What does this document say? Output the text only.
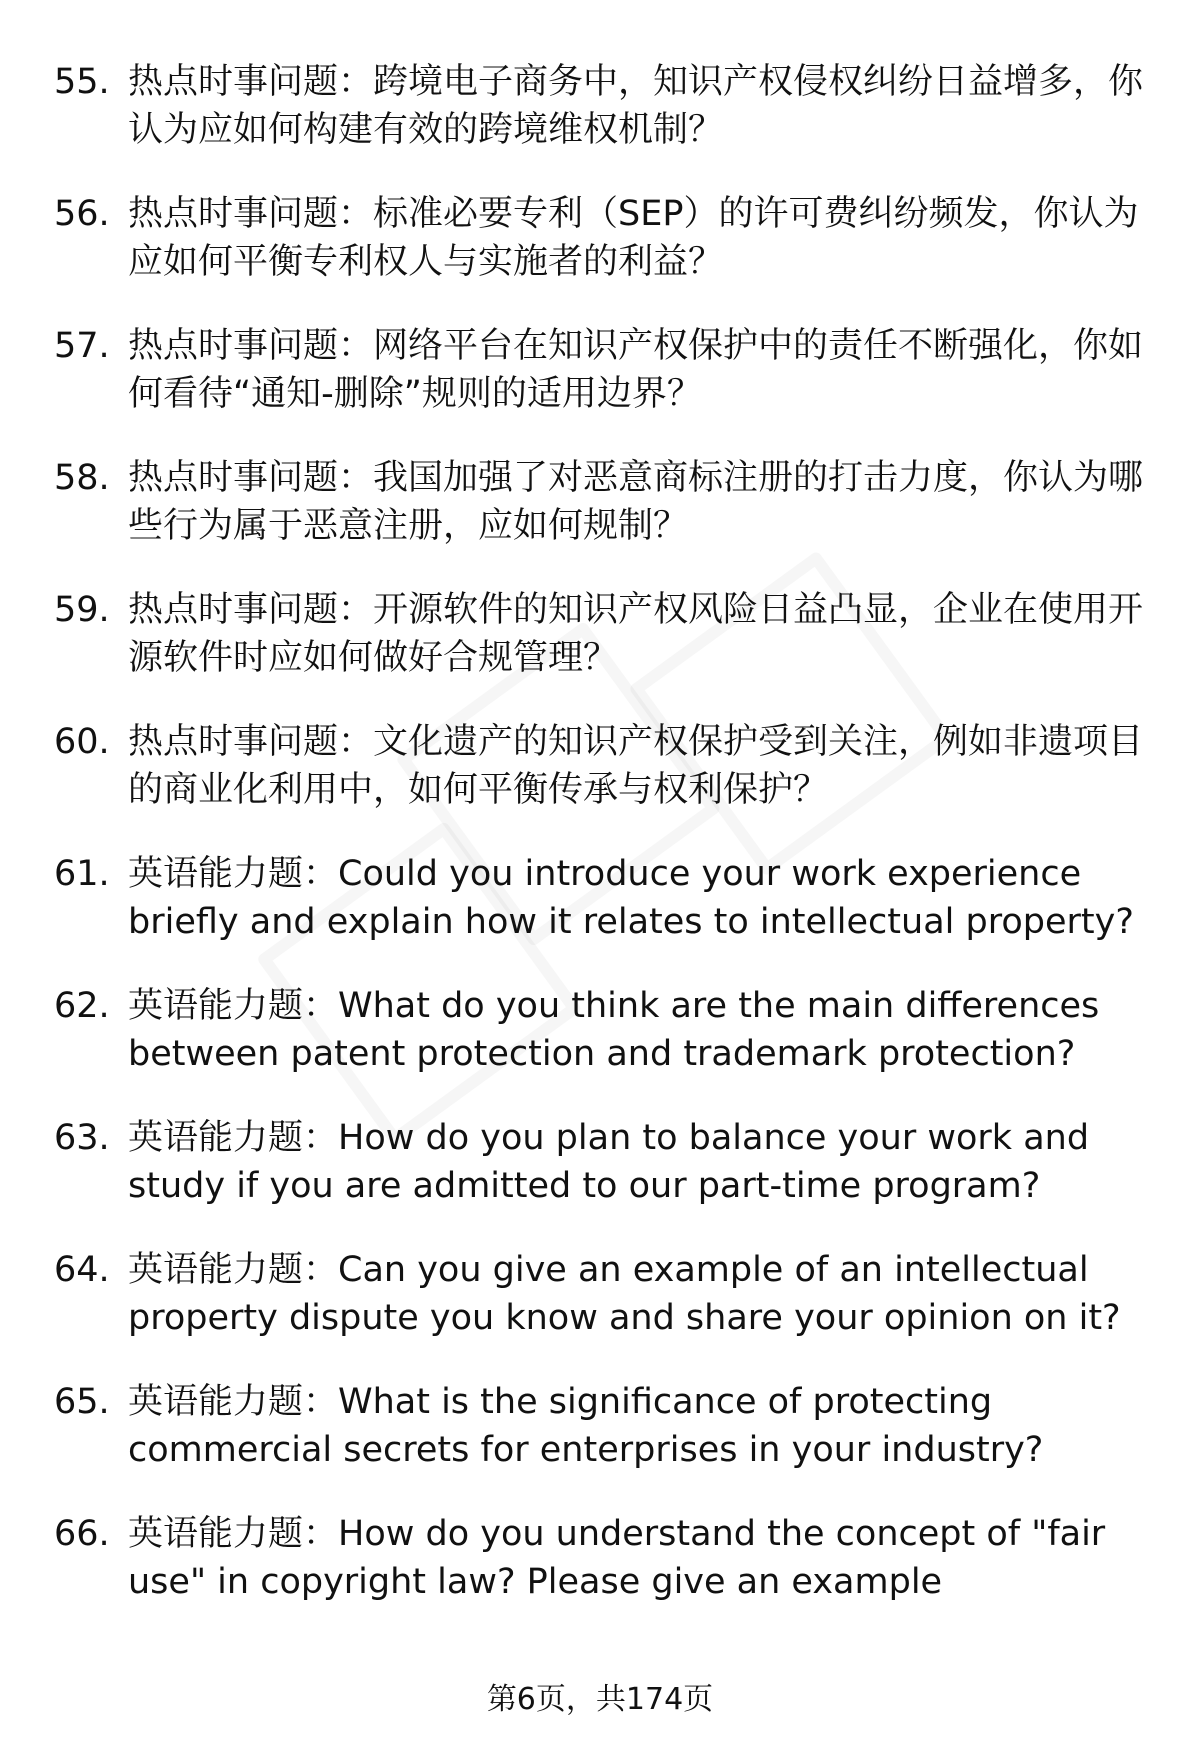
55. 热点时事问题：跨境电子商务中，知识产权侵权纠纷日益增多，你认为应如何构建有效的跨境维权机制？
56. 热点时事问题：标准必要专利（SEP）的许可费纠纷频发，你认为应如何平衡专利权人与实施者的利益？
57. 热点时事问题：网络平台在知识产权保护中的责任不断强化，你如何看待“通知-删除”规则的适用边界？
58. 热点时事问题：我国加强了对恶意商标注册的打击力度，你认为哪些行为属于恶意注册，应如何规制？
59. 热点时事问题：开源软件的知识产权风险日益凸显，企业在使用开源软件时应如何做好合规管理？
60. 热点时事问题：文化遗产的知识产权保护受到关注，例如非遗项目的商业化利用中，如何平衡传承与权利保护？
61. 英语能力题：Could you introduce your work experience briefly and explain how it relates to intellectual property?
62. 英语能力题：What do you think are the main differences between patent protection and trademark protection?
63. 英语能力题：How do you plan to balance your work and study if you are admitted to our part-time program?
64. 英语能力题：Can you give an example of an intellectual property dispute you know and share your opinion on it?
65. 英语能力题：What is the significance of protecting commercial secrets for enterprises in your industry?
66. 英语能力题：How do you understand the concept of "fair use" in copyright law? Please give an example
第6页，共174页
